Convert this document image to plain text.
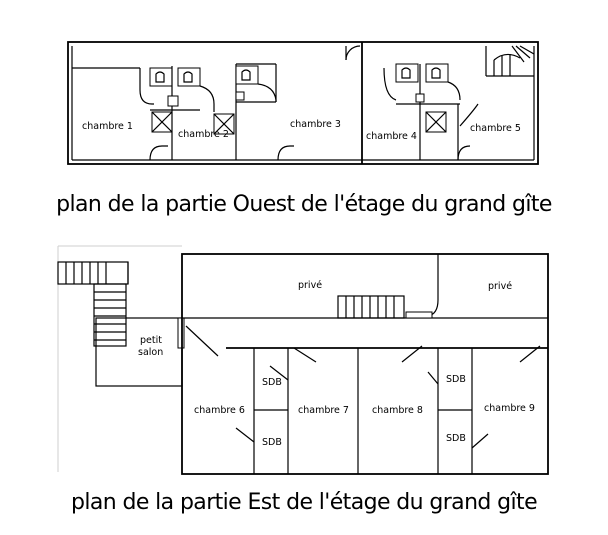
chambre 1
chambre 2
chambre 3
chambre 4
chambre 5
privé	privé
petit
salon
SDB	SDB
SDB	SDB
chambre 6	chambre 7 chambre 8	chambre 9
plan de la partie Ouest de l'étage du grand gîte
plan de la partie Est de l'étage du grand gîte
